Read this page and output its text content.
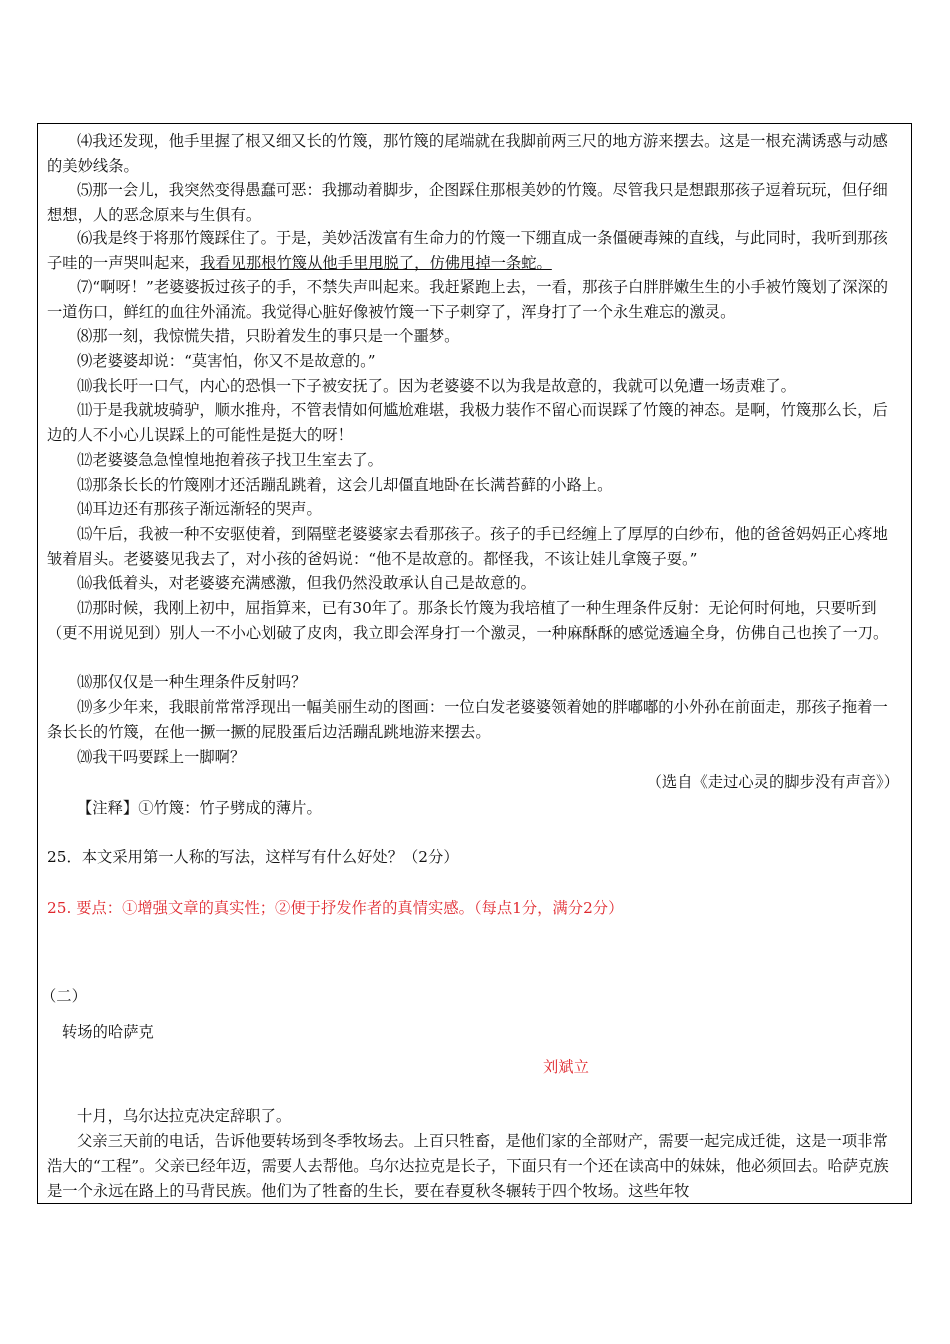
⑷我还发现，他手里握了根又细又长的竹篾，那竹篾的尾端就在我脚前两三尺的地方游来摆去。这是一根充满诱惑与动感的美妙线条。

⑸那一会儿，我突然变得愚蠢可恶：我挪动着脚步，企图踩住那根美妙的竹篾。尽管我只是想跟那孩子逗着玩玩，但仔细想想，人的恶念原来与生俱有。

⑹我是终于将那竹篾踩住了。于是，美妙活泼富有生命力的竹篾一下绷直成一条僵硬毒辣的直线，与此同时，我听到那孩子哇的一声哭叫起来，我看见那根竹篾从他手里甩脱了，仿佛甩掉一条蛇。

⑺“啊呀！”老婆婆扳过孩子的手，不禁失声叫起来。我赶紧跑上去，一看，那孩子白胖胖嫩生生的小手被竹篾划了深深的一道伤口，鲜红的血往外涌流。我觉得心脏好像被竹篾一下子刺穿了，浑身打了一个永生难忘的激灵。

⑻那一刻，我惊慌失措，只盼着发生的事只是一个噩梦。

⑼老婆婆却说：“莫害怕，你又不是故意的。”

⑽我长吁一口气，内心的恐惧一下子被安抚了。因为老婆婆不以为我是故意的，我就可以免遭一场责难了。

⑾于是我就坡骑驴，顺水推舟，不管表情如何尴尬难堪，我极力装作不留心而误踩了竹篾的神态。是啊，竹篾那么长，后边的人不小心儿误踩上的可能性是挺大的呀！

⑿老婆婆急急惶惶地抱着孩子找卫生室去了。

⒀那条长长的竹篾刚才还活蹦乱跳着，这会儿却僵直地卧在长满苔藓的小路上。

⒁耳边还有那孩子渐远渐轻的哭声。

⒂午后，我被一种不安驱使着，到隔壁老婆婆家去看那孩子。孩子的手已经缠上了厚厚的白纱布，他的爸爸妈妈正心疼地皱着眉头。老婆婆见我去了，对小孩的爸妈说：“他不是故意的。都怪我，不该让娃儿拿篾子耍。”

⒃我低着头，对老婆婆充满感激，但我仍然没敢承认自己是故意的。

⒄那时候，我刚上初中，屈指算来，已有30年了。那条长竹篾为我培植了一种生理条件反射：无论何时何地，只要听到（更不用说见到）别人一不小心划破了皮肉，我立即会浑身打一个激灵，一种麻酥酥的感觉透遍全身，仿佛自己也挨了一刀。

⒅那仅仅是一种生理条件反射吗？

⒆多少年来，我眼前常常浮现出一幅美丽生动的图画：一位白发老婆婆领着她的胖嘟嘟的小外孙在前面走，那孩子拖着一条长长的竹篾，在他一撅一撅的屁股蛋后边活蹦乱跳地游来摆去。

⒇我干吗要踩上一脚啊？

（选自《走过心灵的脚步没有声音》）

【注释】①竹篾：竹子劈成的薄片。

25．本文采用第一人称的写法，这样写有什么好处？（2分）

25. 要点：①增强文章的真实性；②便于抒发作者的真情实感。（每点1分，满分2分）

（二）

转场的哈萨克

刘斌立

十月，乌尔达拉克决定辞职了。

父亲三天前的电话，告诉他要转场到冬季牧场去。上百只牲畜，是他们家的全部财产，需要一起完成迁徙，这是一项非常浩大的“工程”。父亲已经年迈，需要人去帮他。乌尔达拉克是长子，下面只有一个还在读高中的妹妹，他必须回去。哈萨克族是一个永远在路上的马背民族。他们为了牲畜的生长，要在春夏秋冬辗转于四个牧场。这些年牧
